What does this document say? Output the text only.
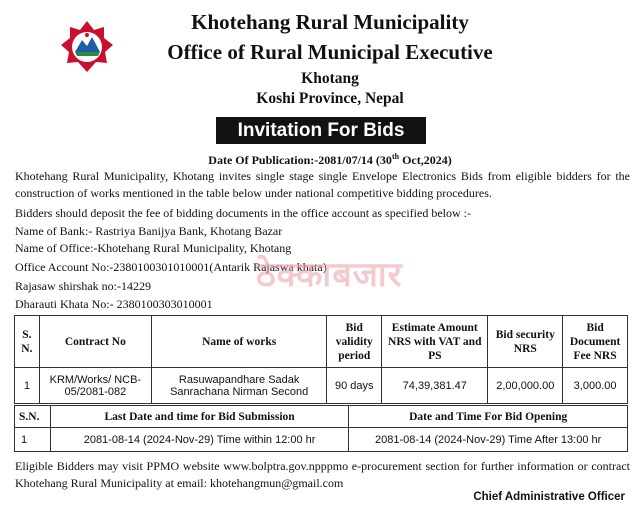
Khotehang Rural Municipality
Office of Rural Municipal Executive
Khotang
Koshi Province, Nepal
Invitation For Bids
Date Of Publication:-2081/07/14 (30th Oct,2024)
Khotehang Rural Municipality, Khotang invites single stage single Envelope Electronics Bids from eligible bidders for the construction of works mentioned in the table below under national competitive bidding procedures.
Bidders should deposit the fee of bidding documents in the office account as specified below :-
Name of Bank:- Rastriya Banijya Bank, Khotang Bazar
Name of Office:-Khotehang Rural Municipality, Khotang
Office Account No:-2380100301010001(Antarik Rajaswa khata)
Rajasaw shirshak no:-14229
Dharauti Khata No:- 2380100303010001
ठेक्काबजार
S. N.	Contract No	Name of works	Bid validity period	Estimate Amount NRS with VAT and PS	Bid security NRS	Bid Document Fee NRS
1	KRM/Works/ NCB-05/2081-082	Rasuwapandhare Sadak Sanrachana Nirman Second	90 days	74,39,381.47	2,00,000.00	3,000.00
S.N.	Last Date and time for Bid Submission	Date and Time For Bid Opening
1	2081-08-14 (2024-Nov-29) Time within 12:00 hr	2081-08-14 (2024-Nov-29) Time After 13:00 hr
Eligible Bidders may visit PPMO website www.bolptra.gov.npppmo e-procurement section for further information or contract Khotehang Rural Municipality at email: khotehangmun@gmail.com
Chief Administrative Officer
